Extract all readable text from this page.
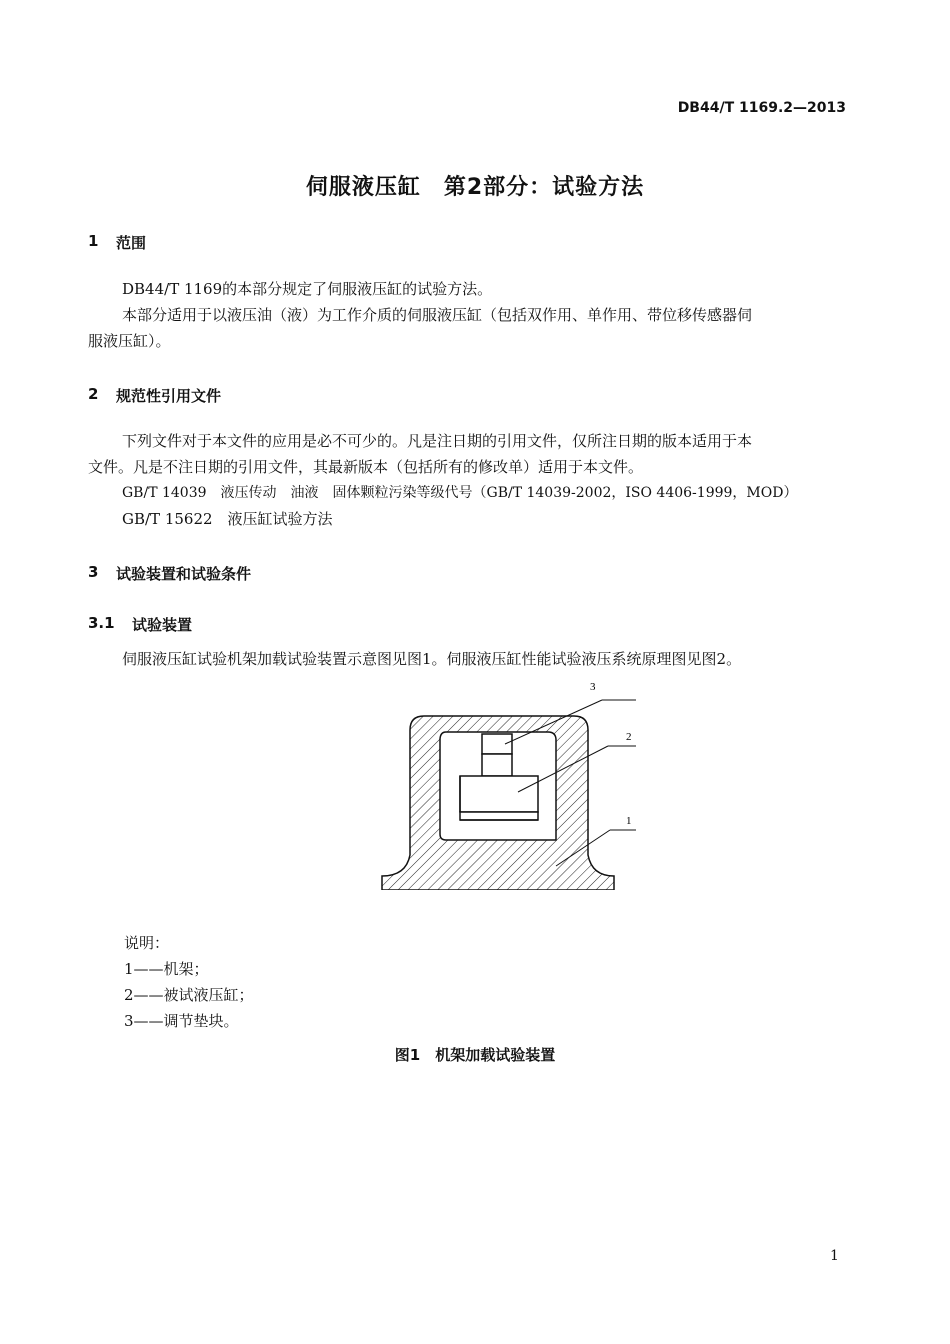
DB44/T 1169.2—2013
伺服液压缸　第2部分：试验方法
1 范围
DB44/T 1169的本部分规定了伺服液压缸的试验方法。
本部分适用于以液压油（液）为工作介质的伺服液压缸（包括双作用、单作用、带位移传感器伺
服液压缸）。
2 规范性引用文件
下列文件对于本文件的应用是必不可少的。凡是注日期的引用文件，仅所注日期的版本适用于本
文件。凡是不注日期的引用文件，其最新版本（包括所有的修改单）适用于本文件。
GB/T 14039　液压传动　油液　固体颗粒污染等级代号（GB/T 14039-2002，ISO 4406-1999，MOD）
GB/T 15622　液压缸试验方法
3 试验装置和试验条件
3.1 试验装置
伺服液压缸试验机架加载试验装置示意图见图1。伺服液压缸性能试验液压系统原理图见图2。
3
2
1
说明：
1——机架；
2——被试液压缸；
3——调节垫块。
图1　机架加载试验装置
1
